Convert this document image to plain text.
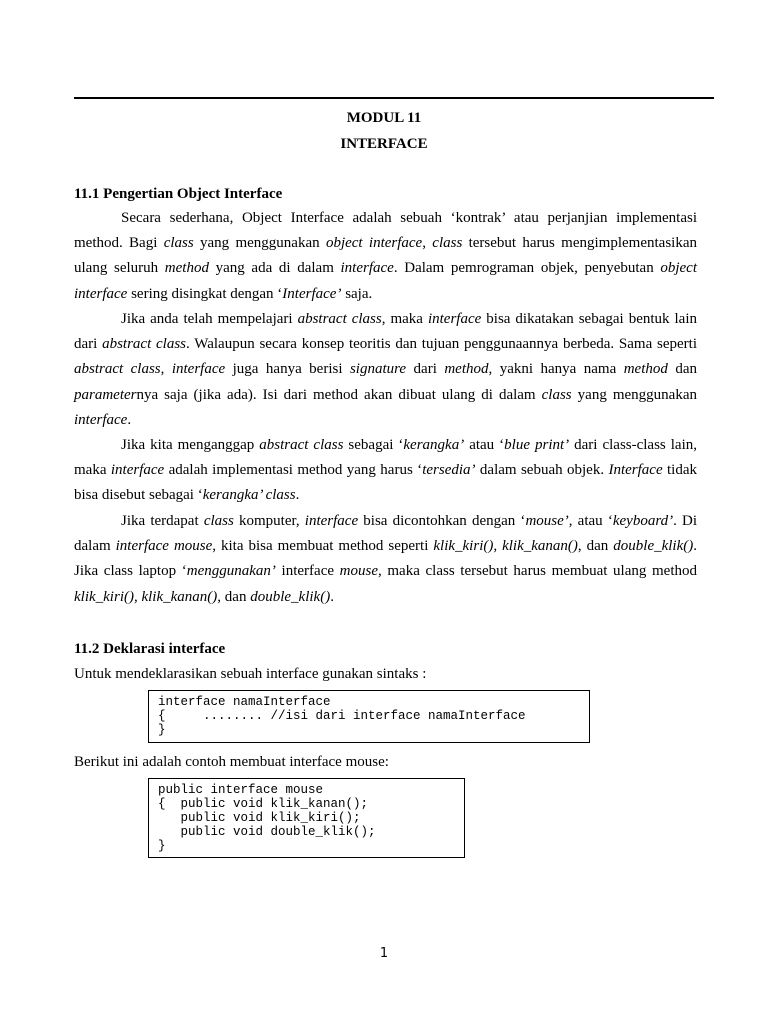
MODUL 11
INTERFACE
11.1 Pengertian Object Interface

Secara sederhana, Object Interface adalah sebuah ‘kontrak’ atau perjanjian implementasi method. Bagi class yang menggunakan object interface, class tersebut harus mengimplementasikan ulang seluruh method yang ada di dalam interface. Dalam pemrograman objek, penyebutan object interface sering disingkat dengan ‘Interface’ saja.

Jika anda telah mempelajari abstract class, maka interface bisa dikatakan sebagai bentuk lain dari abstract class. Walaupun secara konsep teoritis dan tujuan penggunaannya berbeda. Sama seperti abstract class, interface juga hanya berisi signature dari method, yakni hanya nama method dan parameternya saja (jika ada). Isi dari method akan dibuat ulang di dalam class yang menggunakan interface.

Jika kita menganggap abstract class sebagai ‘kerangka’ atau ‘blue print’ dari class-class lain, maka interface adalah implementasi method yang harus ‘tersedia’ dalam sebuah objek. Interface tidak bisa disebut sebagai ‘kerangka’ class.

Jika terdapat class komputer, interface bisa dicontohkan dengan ‘mouse’, atau ‘keyboard’. Di dalam interface mouse, kita bisa membuat method seperti klik_kiri(), klik_kanan(), dan double_klik(). Jika class laptop ‘menggunakan’ interface mouse, maka class tersebut harus membuat ulang method klik_kiri(), klik_kanan(), dan double_klik().

11.2 Deklarasi interface

Untuk mendeklarasikan sebuah interface gunakan sintaks :

interface namaInterface
{     ........ //isi dari interface namaInterface
}

Berikut ini adalah contoh membuat interface mouse:

public interface mouse
{  public void klik_kanan();
public void klik_kiri();
public void double_klik();
}
1
